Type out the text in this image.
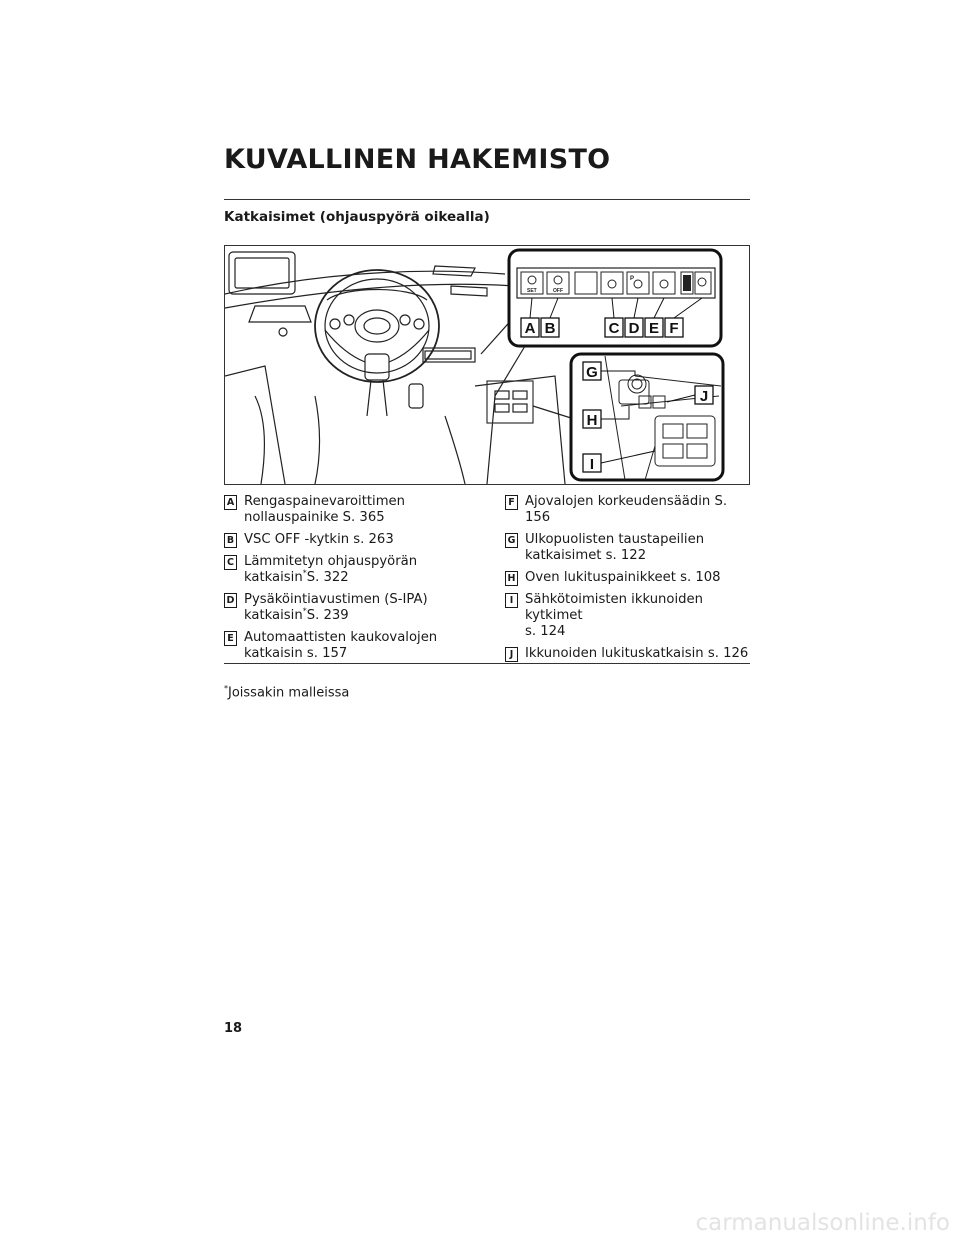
KUVALLINEN HAKEMISTO
Katkaisimet (ohjauspyörä oikealla)
SET	OFF
P
A B	C D E F
G
H
I
J
A Rengaspainevaroittimen
nollauspainike S. 365
B VSC OFF -kytkin s. 263
C Lämmitetyn ohjauspyörän
katkaisin*S. 322
D Pysäköintiavustimen (S-IPA)
katkaisin*S. 239
E Automaattisten kaukovalojen
katkaisin s. 157
F Ajovalojen korkeudensäädin S. 156
G Ulkopuolisten taustapeilien
katkaisimet s. 122
H Oven lukituspainikkeet s. 108
I Sähkötoimisten ikkunoiden kytkimet
s. 124
J Ikkunoiden lukituskatkaisin s. 126
*Joissakin malleissa
18
carmanualsonline.info
